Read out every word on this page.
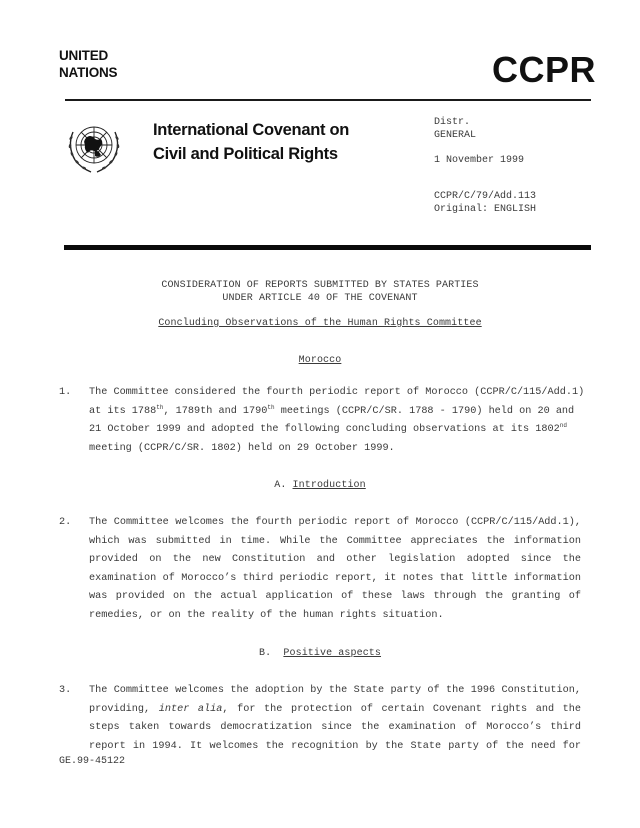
UNITED
NATIONS	CCPR
International Covenant on Civil and Political Rights
Distr.
GENERAL
1 November 1999
CCPR/C/79/Add.113
Original: ENGLISH
CONSIDERATION OF REPORTS SUBMITTED BY STATES PARTIES
UNDER ARTICLE 40 OF THE COVENANT
Concluding Observations of the Human Rights Committee
Morocco
1. The Committee considered the fourth periodic report of Morocco (CCPR/C/115/Add.1)
at its 1788th, 1789th and 1790th meetings (CCPR/C/SR. 1788 - 1790) held on 20 and
21 October 1999 and adopted the following concluding observations at its 1802nd
meeting (CCPR/C/SR. 1802) held on 29 October 1999.
A. Introduction
2. The Committee welcomes the fourth periodic report of Morocco (CCPR/C/115/Add.1),
which was submitted in time. While the Committee appreciates the information
provided on the new Constitution and other legislation adopted since the
examination of Morocco’s third periodic report, it notes that little information
was provided on the actual application of these laws through the granting of
remedies, or on the reality of the human rights situation.
B. Positive aspects
3. The Committee welcomes the adoption by the State party of the 1996 Constitution,
providing, inter alia, for the protection of certain Covenant rights and the
steps taken towards democratization since the examination of Morocco’s third
report in 1994. It welcomes the recognition by the State party of the need for
GE.99-45122
